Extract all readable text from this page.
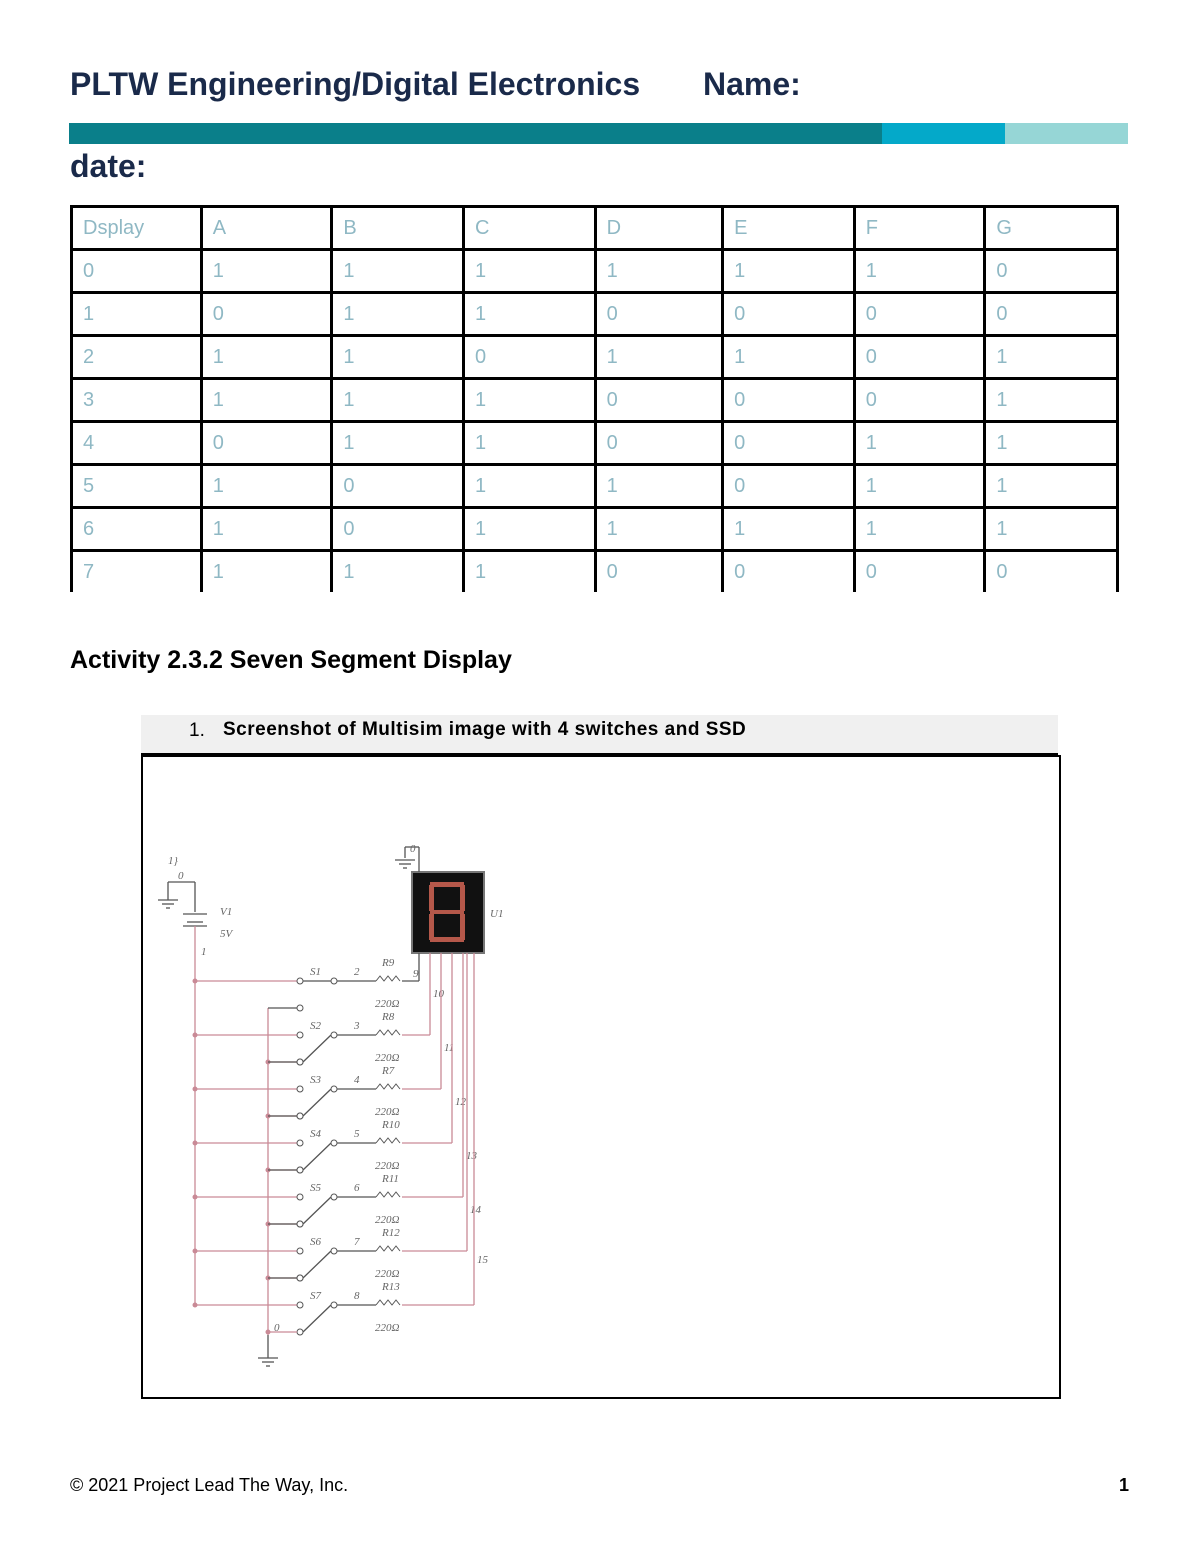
PLTW Engineering/Digital Electronics Name:
date:
Dsplay	A	B	C	D	E	F	G
0	1	1	1	1	1	1	0
1	0	1	1	0	0	0	0
2	1	1	0	1	1	0	1
3	1	1	1	0	0	0	1
4	0	1	1	0	0	1	1
5	1	0	1	1	0	1	1
6	1	0	1	1	1	1	1
7	1	1	1	0	0	0	0
Activity 2.3.2 Seven Segment Display
1. Screenshot of Multisim image with 4 switches and SSD
1}
0
V1
5V
1
0
0
U1
S1	2
R9
220Ω
9
S2	3
R8
220Ω
10
S3	4
R7
220Ω
11
S4	5
R10
220Ω
12
S5	6
R11
220Ω
13
S6	7
R12
220Ω
14
S7	8
R13
220Ω
15
© 2021 Project Lead The Way, Inc.	1
